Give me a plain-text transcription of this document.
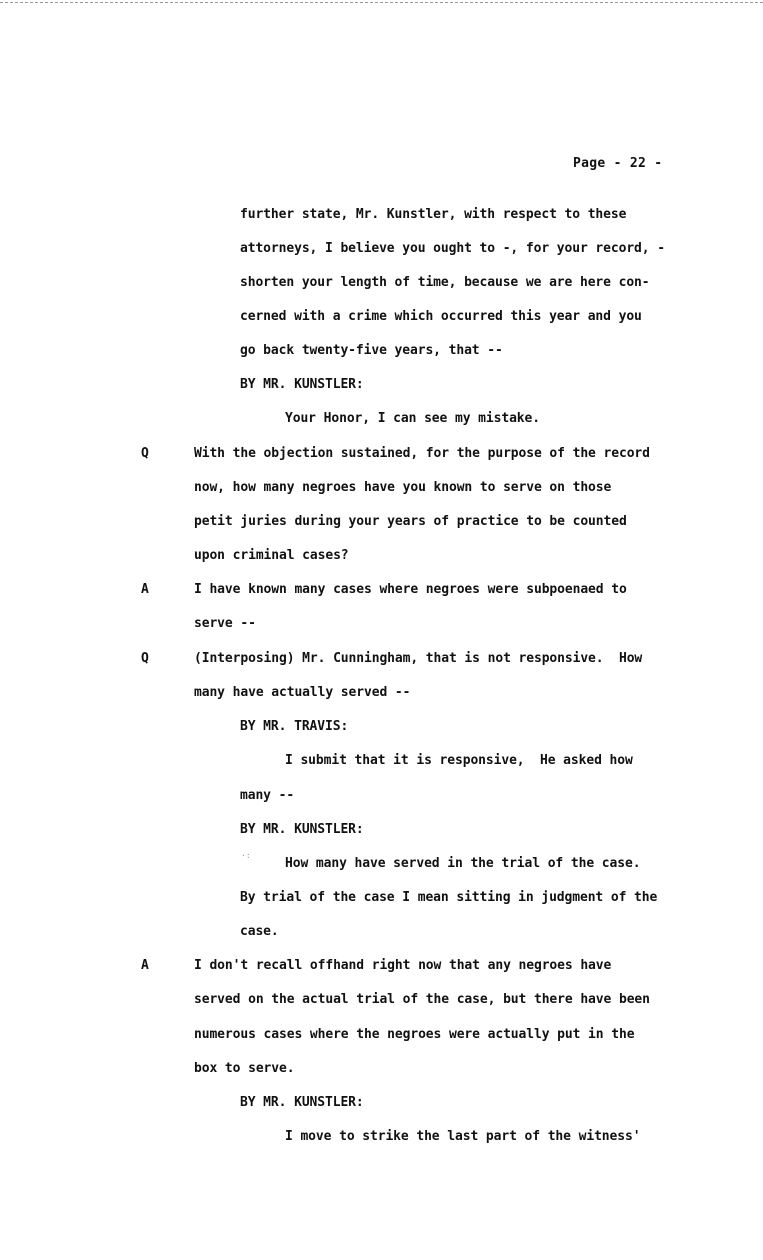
Page - 22 -
further state, Mr. Kunstler, with respect to these
attorneys, I believe you ought to -, for your record, -
shorten your length of time, because we are here con-
cerned with a crime which occurred this year and you
go back twenty-five years, that --
BY MR. KUNSTLER:
Your Honor, I can see my mistake.
Q	With the objection sustained, for the purpose of the record
now, how many negroes have you known to serve on those
petit juries during your years of practice to be counted
upon criminal cases?
A	I have known many cases where negroes were subpoenaed to
serve --
Q	(Interposing) Mr. Cunningham, that is not responsive.  How
many have actually served --
BY MR. TRAVIS:
I submit that it is responsive,  He asked how
many --
BY MR. KUNSTLER:
·:
How many have served in the trial of the case.
By trial of the case I mean sitting in judgment of the
case.
A	I don't recall offhand right now that any negroes have
served on the actual trial of the case, but there have been
numerous cases where the negroes were actually put in the
box to serve.
BY MR. KUNSTLER:
I move to strike the last part of the witness'
